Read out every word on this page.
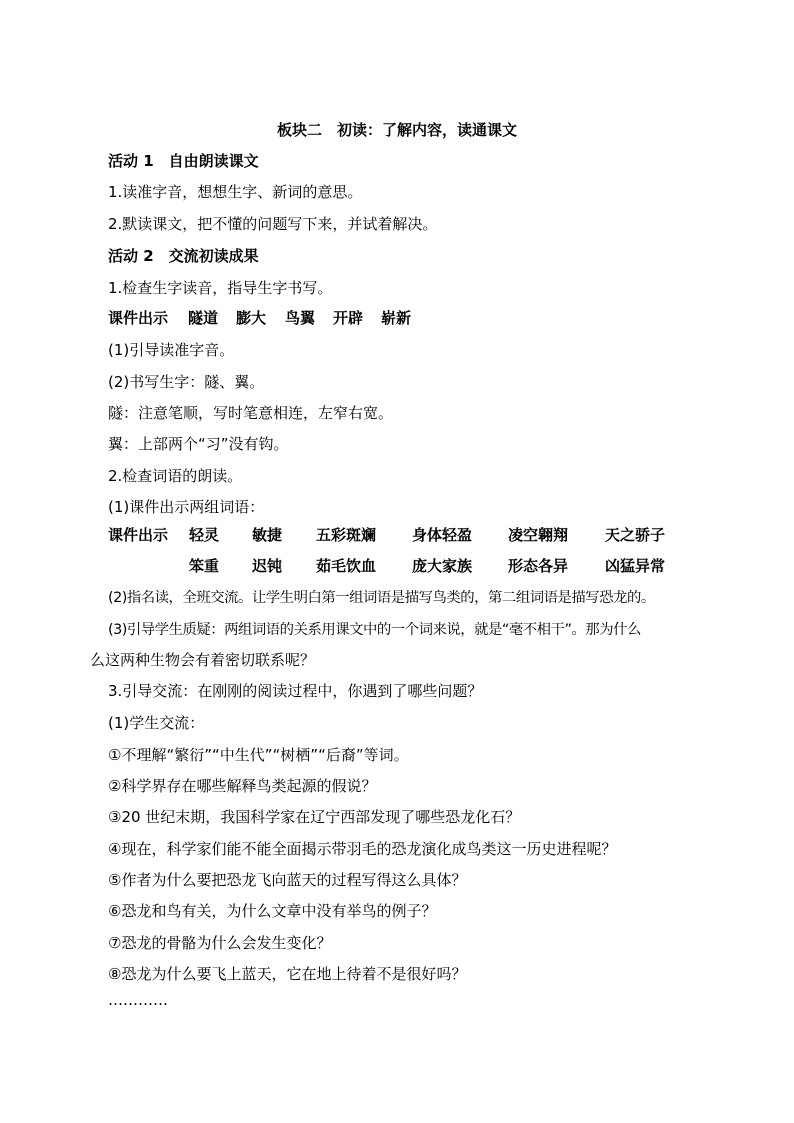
板块二　初读：了解内容，读通课文
活动 1　自由朗读课文
1.读准字音，想想生字、新词的意思。
2.默读课文，把不懂的问题写下来，并试着解决。
活动 2　交流初读成果
1.检查生字读音，指导生字书写。
课件出示 隧道 膨大 鸟翼 开辟 崭新
(1)引导读准字音。
(2)书写生字：隧、翼。
隧：注意笔顺，写时笔意相连，左窄右宽。
翼：上部两个“习”没有钩。
2.检查词语的朗读。
(1)课件出示两组词语：
课件出示 轻灵 敏捷 五彩斑斓 身体轻盈 凌空翱翔 天之骄子
笨重 迟钝 茹毛饮血 庞大家族 形态各异 凶猛异常
(2)指名读，全班交流。让学生明白第一组词语是描写鸟类的，第二组词语是描写恐龙的。
(3)引导学生质疑：两组词语的关系用课文中的一个词来说，就是“毫不相干”。那为什么
么这两种生物会有着密切联系呢？
3.引导交流：在刚刚的阅读过程中，你遇到了哪些问题？
(1)学生交流：
①不理解“繁衍”“中生代”“树栖”“后裔”等词。
②科学界存在哪些解释鸟类起源的假说？
③20 世纪末期，我国科学家在辽宁西部发现了哪些恐龙化石？
④现在，科学家们能不能全面揭示带羽毛的恐龙演化成鸟类这一历史进程呢？
⑤作者为什么要把恐龙飞向蓝天的过程写得这么具体？
⑥恐龙和鸟有关，为什么文章中没有举鸟的例子？
⑦恐龙的骨骼为什么会发生变化？
⑧恐龙为什么要飞上蓝天，它在地上待着不是很好吗？
…………
